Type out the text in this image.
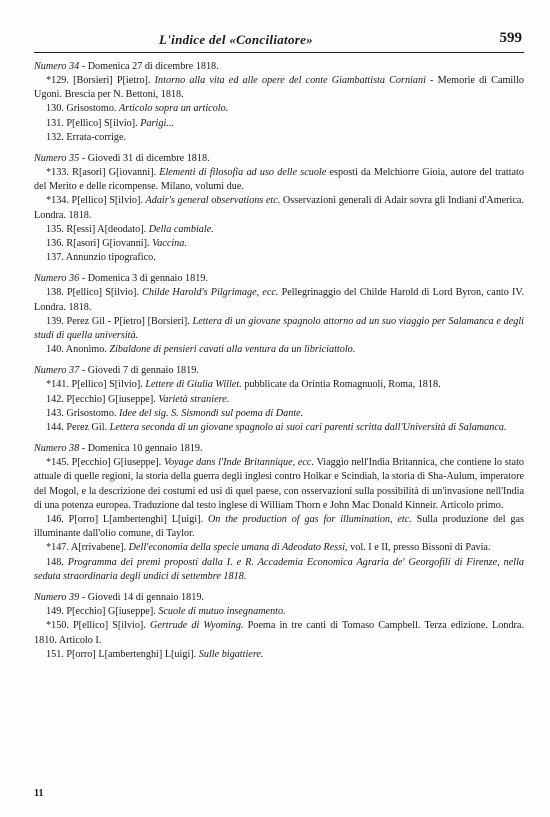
L'indice del «Conciliatore»	599
Numero 34 - Domenica 27 di dicembre 1818.
*129. [Borsieri] P[ietro]. Intorno alla vita ed alle opere del conte Giambattista Corniani - Memorie di Camillo Ugoni. Brescia per N. Bettoni, 1818.
130. Grisostomo. Articolo sopra un articolo.
131. P[ellico] S[ilvio]. Parigi...
132. Errata-corrige.
Numero 35 - Giovedì 31 di dicembre 1818.
*133. R[asori] G[iovanni]. Elementi di filosofia ad uso delle scuole esposti da Melchiorre Gioia, autore del trattato del Merito e delle ricompense. Milano, volumi due.
*134. P[ellico] S[ilvio]. Adair's general observations etc. Osservazioni generali di Adair sovra gli Indiani d'America. Londra. 1818.
135. R[essi] A[deodato]. Della cambiale.
136. R[asori] G[iovanni]. Vaccina.
137. Annunzio tipografico.
Numero 36 - Domenica 3 di gennaio 1819.
138. P[ellico] S[ilvio]. Childe Harold's Pilgrimage, ecc. Pellegrinaggio del Childe Harold di Lord Byron, canto IV. Londra. 1818.
139. Perez Gil - P[ietro] [Borsieri]. Lettera di un giovane spagnolo attorno ad un suo viaggio per Salamanca e degli studi di quella università.
140. Anonimo. Zibaldone di pensieri cavati alla ventura da un libriciattolo.
Numero 37 - Giovedì 7 di gennaio 1819.
*141. P[ellico] S[ilvio]. Lettere di Giulia Willet. pubblicate da Orintia Romagnuoli, Roma, 1818.
142. P[ecchio] G[iuseppe]. Varietà straniere.
143. Grisostomo. Idee del sig. S. Sismondi sul poema di Dante.
144. Perez Gil. Lettera seconda di un giovane spagnolo ai suoi cari parenti scritta dall'Università di Salamanca.
Numero 38 - Domenica 10 gennaio 1819.
*145. P[ecchio] G[iuseppe]. Voyage dans l'Inde Britannique, ecc. Viaggio nell'India Britannica, che contiene lo stato attuale di quelle regioni, la storia della guerra degli inglesi contro Holkar e Scindiah, la storia di Sha-Aulum, imperatore del Mogol, e la descrizione dei costumi ed usi di quel paese, con osservazioni sulla possibilità di un'invasione nell'India di una potenza europea. Traduzione dal testo inglese di William Thorn e John Mac Donald Kinneir. Articolo primo.
146. P[orro] L[ambertenghi] L[uigi]. On the production of gas for illumination, etc. Sulla produzione del gas illuminante dall'olio comune, di Taylor.
*147. A[rrivabene]. Dell'economia della specie umana di Adeodato Ressi, vol. I e II, presso Bissoni di Pavia.
148. Programma dei premi proposti dalla I. e R. Accademia Economica Agraria de' Georgofili di Firenze, nella seduta straordinaria degli undici di settembre 1818.
Numero 39 - Giovedì 14 di gennaio 1819.
149. P[ecchio] G[iuseppe]. Scuole di mutuo insegnamento.
*150. P[ellico] S[ilvio]. Gertrude di Wyoming. Poema in tre canti di Tomaso Campbell. Terza edizione. Londra. 1810. Articolo I.
151. P[orro] L[ambertenghi] L[uigi]. Sulle bigattiere.
11
